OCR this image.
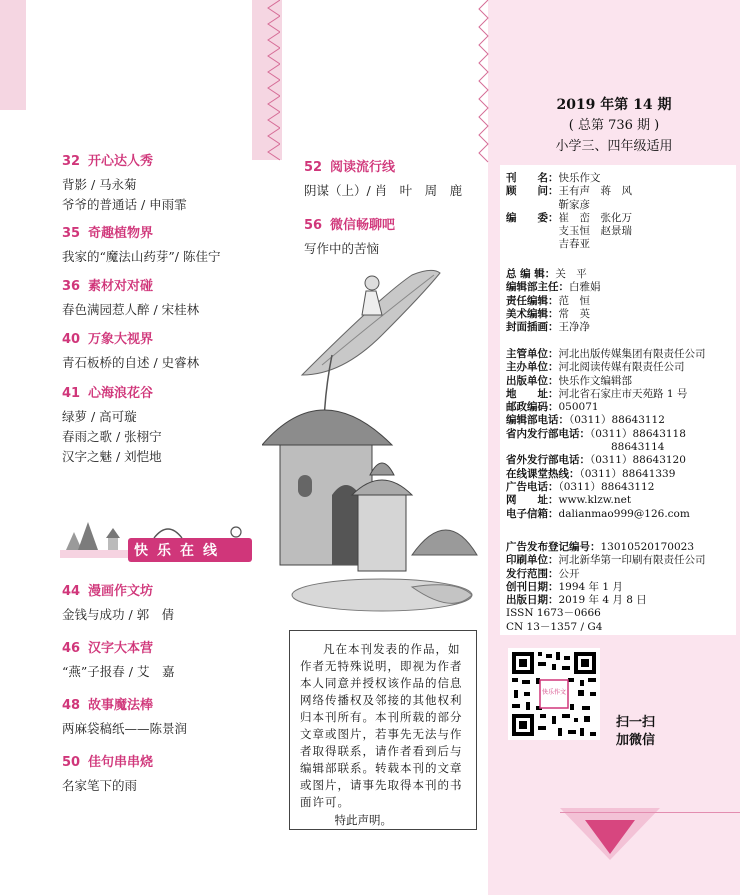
2019 年第 14 期
( 总第 736 期 )
小学三、四年级适用
刊　　名：快乐作文
顾　　问：王有声　蒋　风
　　　　　靳家彦
编　　委：崔　峦　张化万
　　　　　支玉恒　赵景瑞
　　　　　吉春亚
总 编 辑：关　平
编辑部主任：白雅娟
责任编辑：范　恒
美术编辑：常　英
封面插画：王净净
主管单位：河北出版传媒集团有限责任公司
主办单位：河北阅读传媒有限责任公司
出版单位：快乐作文编辑部
地　　址：河北省石家庄市天苑路 1 号
邮政编码：050071
编辑部电话：（0311）88643112
省内发行部电话：（0311）88643118
　　　　　　　　　　88643114
省外发行部电话：（0311）88643120
在线课堂热线：（0311）88641339
广告电话：（0311）88643112
网　　址：www.klzw.net
电子信箱：dalianmao999@126.com
广告发布登记编号：13010520170023
印刷单位：河北新华第一印刷有限责任公司
发行范围：公开
创刊日期：1994 年 1 月
出版日期：2019 年 4 月 8 日
ISSN 1673－0666
CN 13－1357 / G4
快乐作文
扫一扫
加微信
32 开心达人秀
背影 / 马永菊
爷爷的普通话 / 申雨霏
35 奇趣植物界
我家的“魔法山药芽”/ 陈佳宁
36 素材对对碰
春色满园惹人醉 / 宋桂林
40 万象大视界
青石板桥的自述 / 史睿林
41 心海浪花谷
绿萝 / 高可璇
春雨之歌 / 张栩宁
汉字之魅 / 刘恺地
快乐在线
44 漫画作文坊
金钱与成功 / 郭　倩
46 汉字大本营
“燕”子报春 / 艾　嘉
48 故事魔法棒
两麻袋稿纸——陈景润
50 佳句串串烧
名家笔下的雨
52 阅读流行线
阴谋（上）/ 肖　叶　周　鹿
56 微信畅聊吧
写作中的苦恼
凡在本刊发表的作品，如作者无特殊说明，即视为作者本人同意并授权该作品的信息网络传播权及邻接的其他权利归本刊所有。本刊所载的部分文章或图片，若事先无法与作者取得联系，请作者看到后与编辑部联系。转载本刊的文章或图片，请事先取得本刊的书面许可。
特此声明。
